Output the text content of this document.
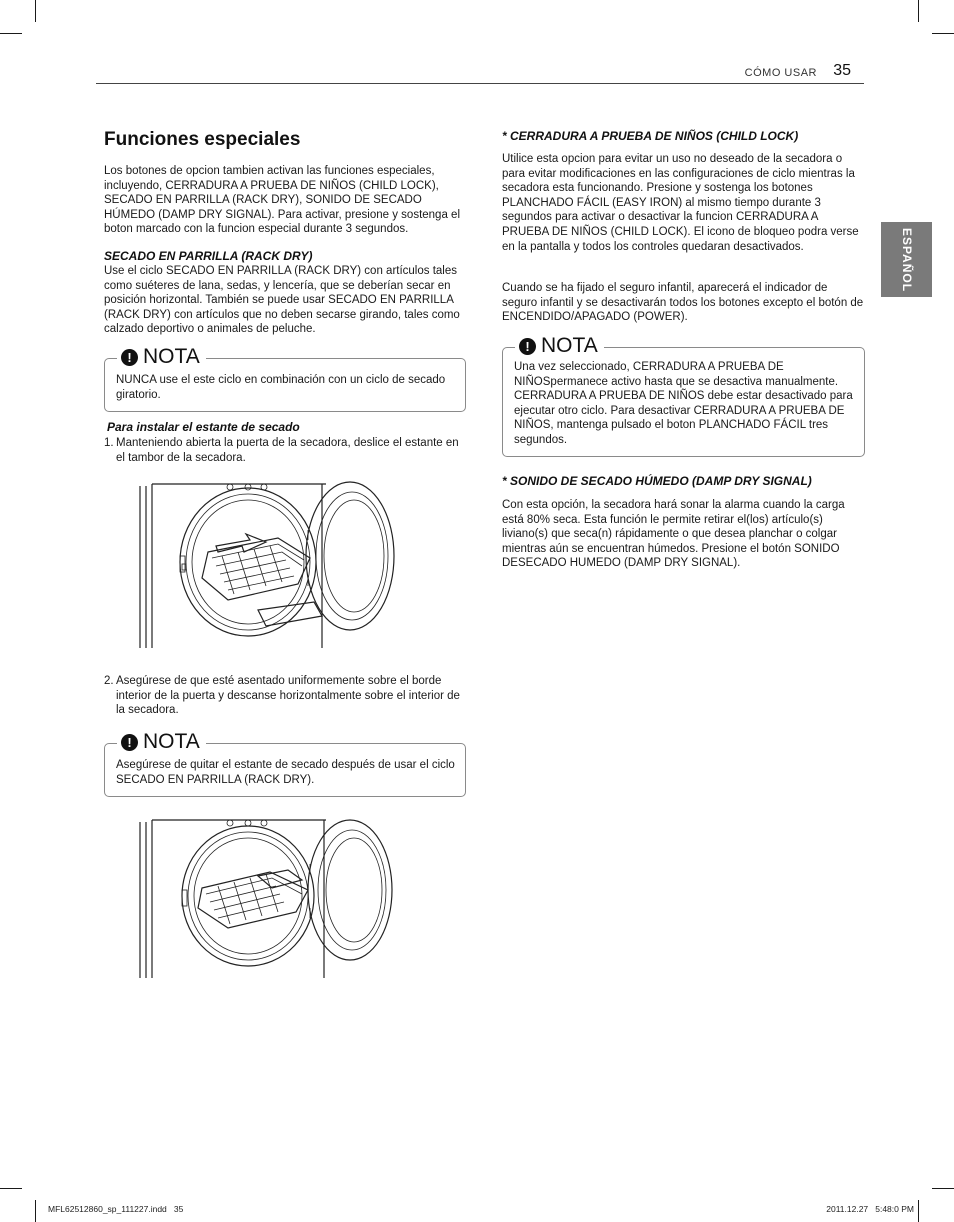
CÓMO USAR 35
ESPAÑOL
Funciones especiales

Los botones de opcion tambien activan las funciones especiales, incluyendo, CERRADURA A PRUEBA DE NIÑOS (CHILD LOCK), SECADO EN PARRILLA (RACK DRY), SONIDO DE SECADO HÚMEDO (DAMP DRY SIGNAL). Para activar, presione y sostenga el boton marcado con la funcion especial durante 3 segundos.

SECADO EN PARRILLA (RACK DRY)

Use el ciclo SECADO EN PARRILLA (RACK DRY) con artículos tales como suéteres de lana, sedas, y lencería, que se deberían secar en posición horizontal. También se puede usar SECADO EN PARRILLA (RACK DRY) con artículos que no deben secarse girando, tales como calzado deportivo o animales de peluche.

! NOTA

NUNCA use el este ciclo en combinación con un ciclo de secado giratorio.

Para instalar el estante de secado

1. Manteniendo abierta la puerta de la secadora, deslice el estante en el tambor de la secadora.

2. Asegúrese de que esté asentado uniformemente sobre el borde interior de la puerta y descanse horizontalmente sobre el interior de la secadora.

! NOTA

Asegúrese de quitar el estante de secado después de usar el ciclo SECADO EN PARRILLA (RACK DRY).

* CERRADURA A PRUEBA DE NIÑOS (CHILD LOCK)

Utilice esta opcion para evitar un uso no deseado de la secadora o para evitar modificaciones en las configuraciones de ciclo mientras la secadora esta funcionando. Presione y sostenga los botones PLANCHADO FÁCIL (EASY IRON) al mismo tiempo durante 3 segundos para activar o desactivar la funcion CERRADURA A PRUEBA DE NIÑOS (CHILD LOCK). El icono de bloqueo podra verse en la pantalla y todos los controles quedaran desactivados.

Cuando se ha fijado el seguro infantil, aparecerá el indicador de seguro infantil y se desactivarán todos los botones excepto el botón de ENCENDIDO/APAGADO (POWER).

! NOTA

Una vez seleccionado, CERRADURA A PRUEBA DE NIÑOSpermanece activo hasta que se desactiva manualmente. CERRADURA A PRUEBA DE NIÑOS debe estar desactivado para ejecutar otro ciclo. Para desactivar CERRADURA A PRUEBA DE NIÑOS, mantenga pulsado el boton PLANCHADO FÁCIL tres segundos.

* SONIDO DE SECADO HÚMEDO (DAMP DRY SIGNAL)

Con esta opción, la secadora hará sonar la alarma cuando la carga está 80% seca. Esta función le permite retirar el(los) artículo(s) liviano(s) que seca(n) rápidamente o que desea planchar o colgar mientras aún se encuentran húmedos. Presione el botón SONIDO DESECADO HUMEDO (DAMP DRY SIGNAL).

MFL62512860_sp_111227.indd   35	2011.12.27   5:48:0 PM
